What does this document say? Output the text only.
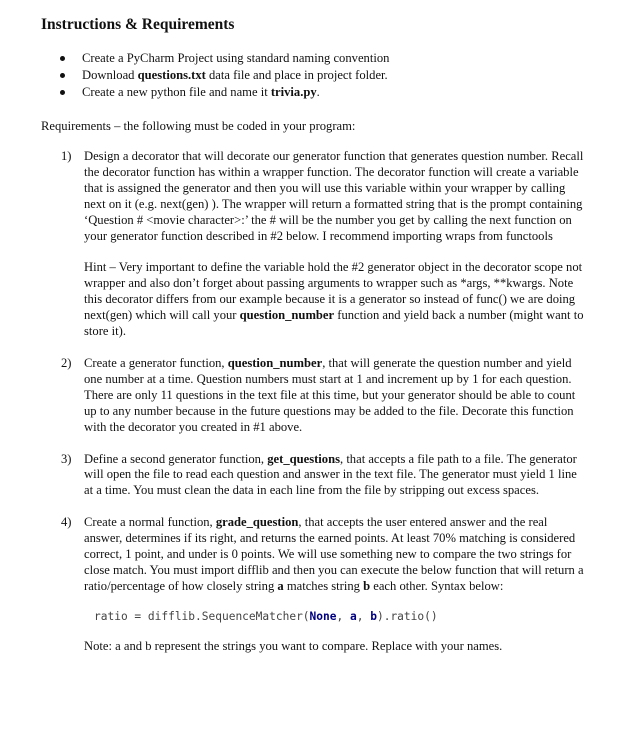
Instructions & Requirements
Create a PyCharm Project using standard naming convention
Download questions.txt data file and place in project folder.
Create a new python file and name it trivia.py.

Requirements – the following must be coded in your program:

1) Design a decorator that will decorate our generator function that generates question number. Recall the decorator function has within a wrapper function. The decorator function will create a variable that is assigned the generator and then you will use this variable within your wrapper by calling next on it (e.g. next(gen) ). The wrapper will return a formatted string that is the prompt containing ‘Question # <movie character>:’ the # will be the number you get by calling the next function on your generator function described in #2 below. I recommend importing wraps from functools

Hint – Very important to define the variable hold the #2 generator object in the decorator scope not wrapper and also don’t forget about passing arguments to wrapper such as *args, **kwargs. Note this decorator differs from our example because it is a generator so instead of func() we are doing next(gen) which will call your question_number function and yield back a number (might want to store it).

2) Create a generator function, question_number, that will generate the question number and yield one number at a time. Question numbers must start at 1 and increment up by 1 for each question. There are only 11 questions in the text file at this time, but your generator should be able to count up to any number because in the future questions may be added to the file. Decorate this function with the decorator you created in #1 above.

3) Define a second generator function, get_questions, that accepts a file path to a file. The generator will open the file to read each question and answer in the text file. The generator must yield 1 line at a time. You must clean the data in each line from the file by stripping out excess spaces.

4) Create a normal function, grade_question, that accepts the user entered answer and the real answer, determines if its right, and returns the earned points. At least 70% matching is considered correct, 1 point, and under is 0 points. We will use something new to compare the two strings for close match. You must import difflib and then you can execute the below function that will return a ratio/percentage of how closely string a matches string b each other. Syntax below:

ratio = difflib.SequenceMatcher(None, a, b).ratio()

Note: a and b represent the strings you want to compare. Replace with your names.
